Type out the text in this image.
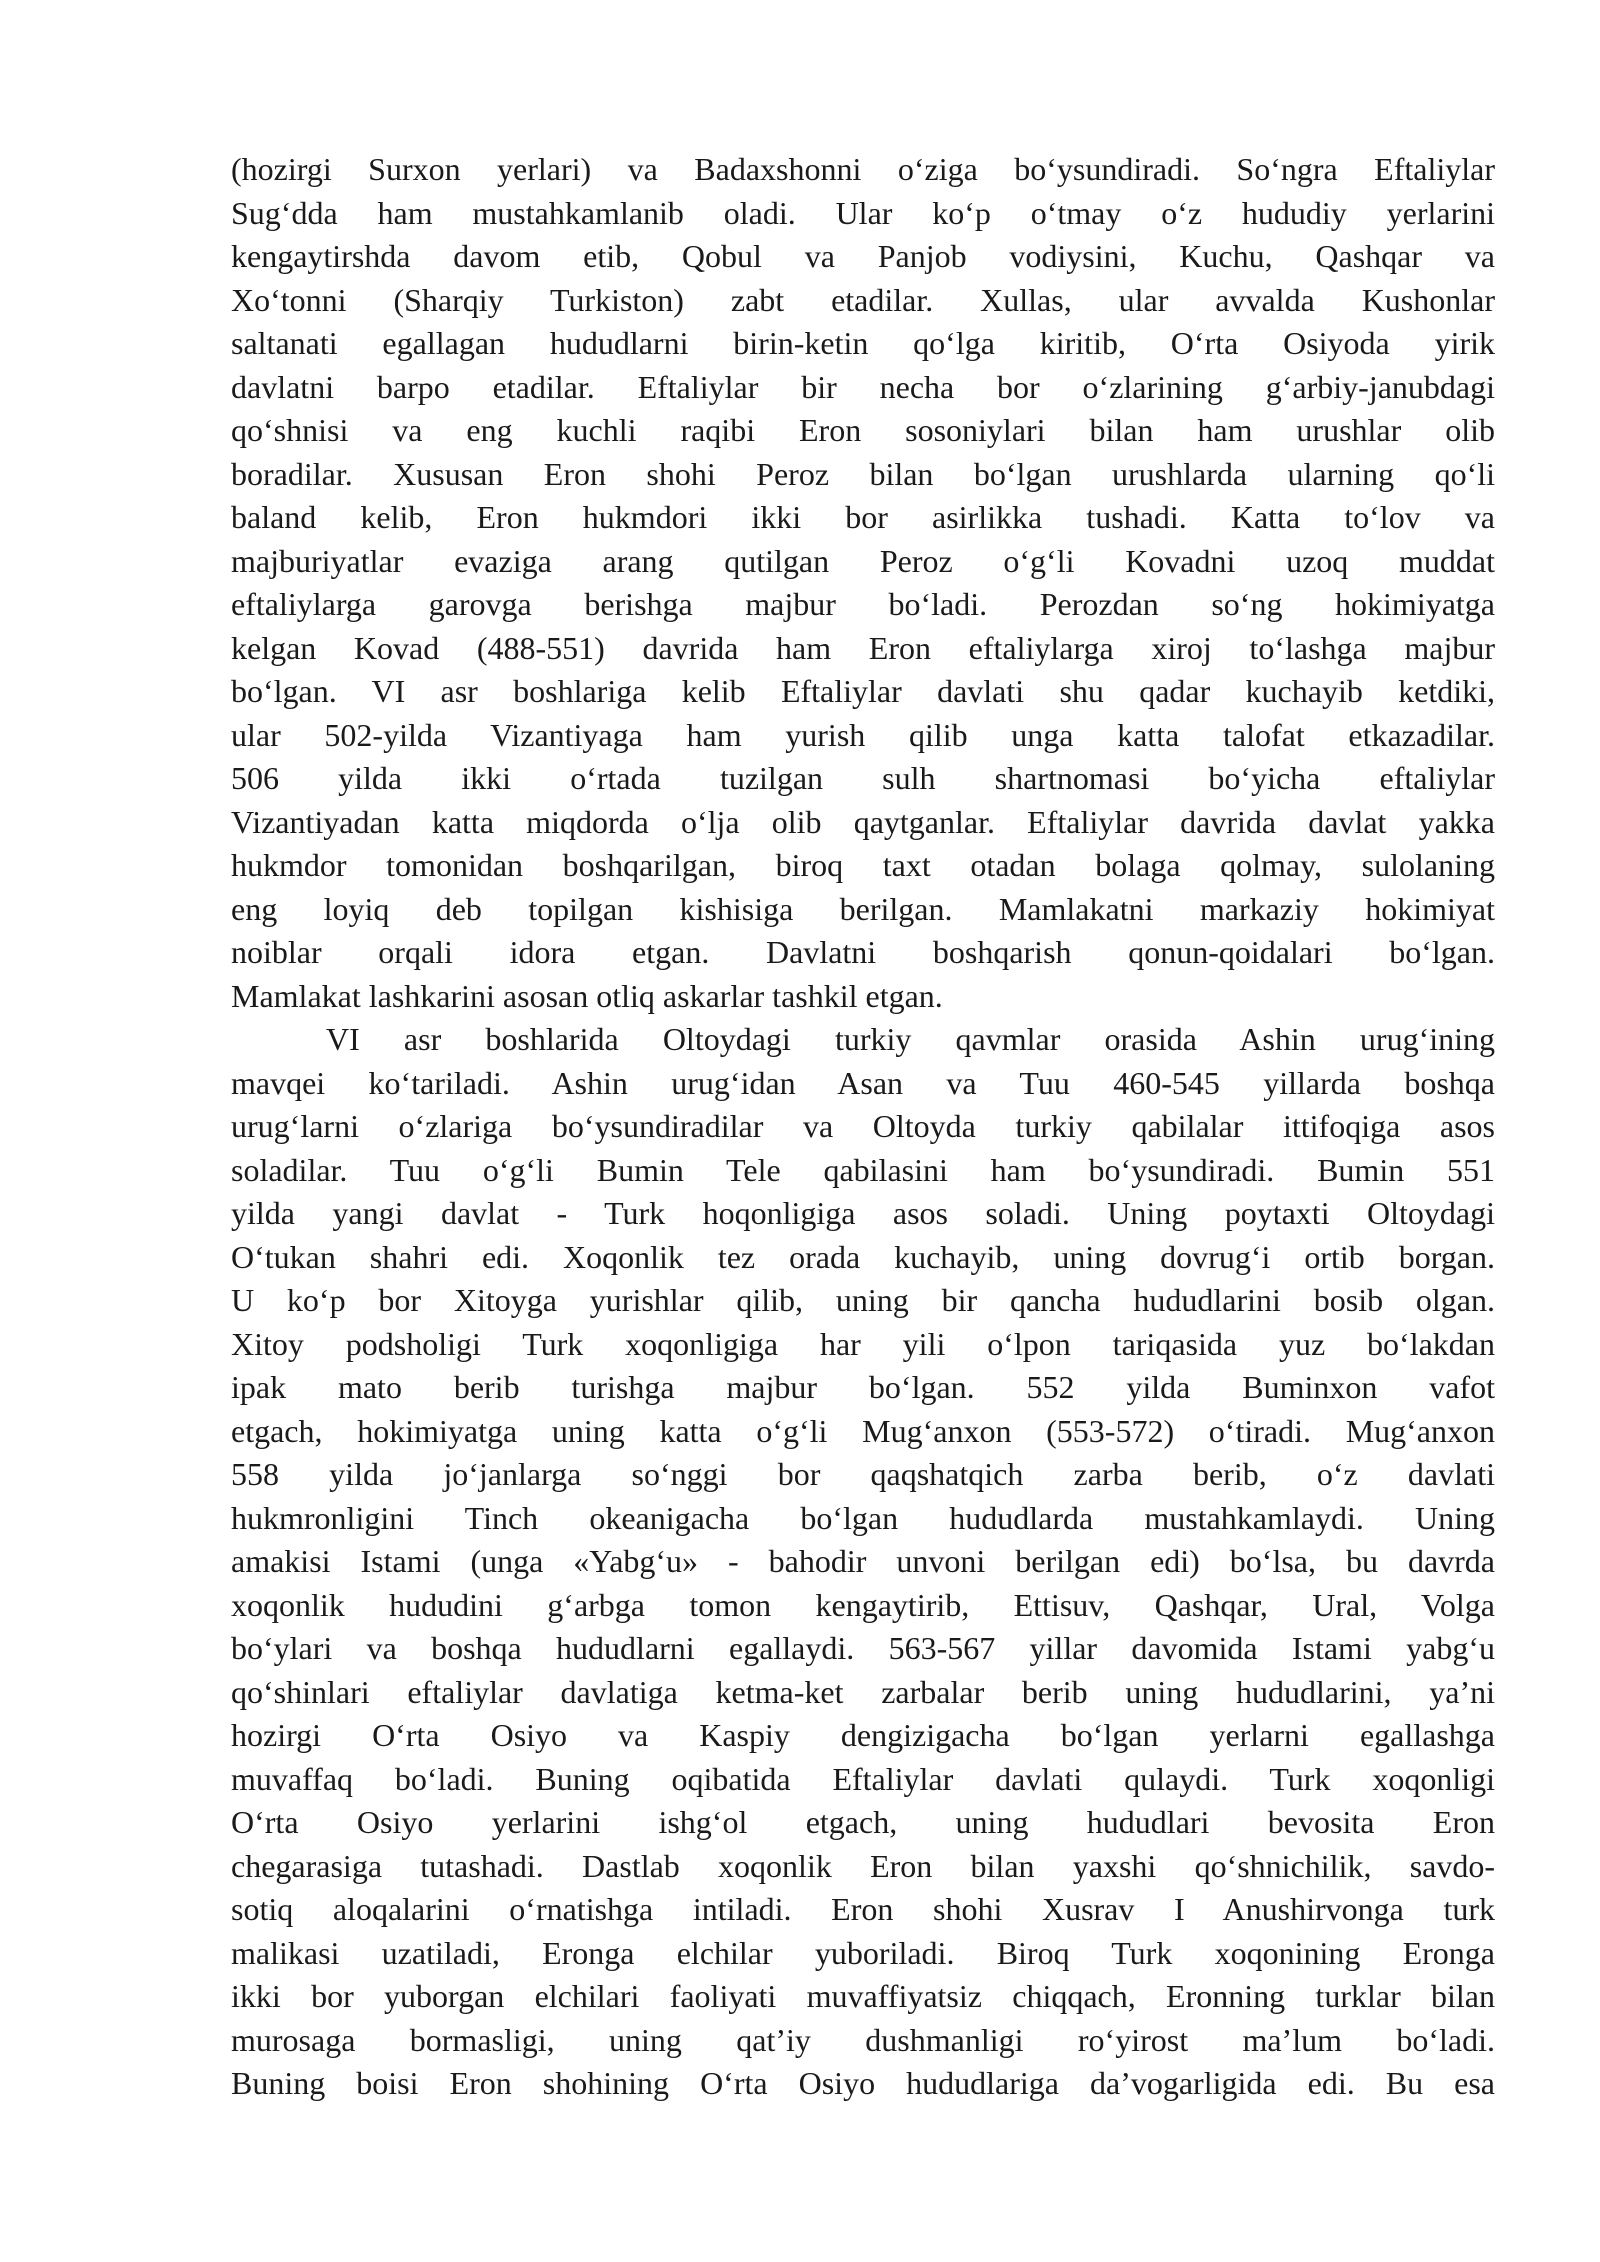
(hozirgi Surxon yerlari) va Badaxshonni o‘ziga bo‘ysundiradi. So‘ngra Eftaliylar
Sug‘dda ham mustahkamlanib oladi. Ular ko‘p o‘tmay o‘z hududiy yerlarini
kengaytirshda davom etib, Qobul va Panjob vodiysini, Kuchu, Qashqar va
Xo‘tonni (Sharqiy Turkiston) zabt etadilar. Xullas, ular avvalda Kushonlar
saltanati egallagan hududlarni birin-ketin qo‘lga kiritib, O‘rta Osiyoda yirik
davlatni barpo etadilar. Eftaliylar bir necha bor o‘zlarining g‘arbiy-janubdagi
qo‘shnisi va eng kuchli raqibi Eron sosoniylari bilan ham urushlar olib
boradilar. Xususan Eron shohi Peroz bilan bo‘lgan urushlarda ularning qo‘li
baland kelib, Eron hukmdori ikki bor asirlikka tushadi. Katta to‘lov va
majburiyatlar evaziga arang qutilgan Peroz o‘g‘li Kovadni uzoq muddat
eftaliylarga garovga berishga majbur bo‘ladi. Perozdan so‘ng hokimiyatga
kelgan Kovad (488-551) davrida ham Eron eftaliylarga xiroj to‘lashga majbur
bo‘lgan. VI asr boshlariga kelib Eftaliylar davlati shu qadar kuchayib ketdiki,
ular 502-yilda Vizantiyaga ham yurish qilib unga katta talofat etkazadilar.
506 yilda ikki o‘rtada tuzilgan sulh shartnomasi bo‘yicha eftaliylar
Vizantiyadan katta miqdorda o‘lja olib qaytganlar. Eftaliylar davrida davlat yakka
hukmdor tomonidan boshqarilgan, biroq taxt otadan bolaga qolmay, sulolaning
eng loyiq deb topilgan kishisiga berilgan. Mamlakatni markaziy hokimiyat
noiblar orqali idora etgan. Davlatni boshqarish qonun-qoidalari bo‘lgan.
Mamlakat lashkarini asosan otliq askarlar tashkil etgan.
VI asr boshlarida Oltoydagi turkiy qavmlar orasida Ashin urug‘ining
mavqei ko‘tariladi. Ashin urug‘idan Asan va Tuu 460-545 yillarda boshqa
urug‘larni o‘zlariga bo‘ysundiradilar va Oltoyda turkiy qabilalar ittifoqiga asos
soladilar. Tuu o‘g‘li Bumin Tele qabilasini ham bo‘ysundiradi. Bumin 551
yilda yangi davlat - Turk hoqonligiga asos soladi. Uning poytaxti Oltoydagi
O‘tukan shahri edi. Xoqonlik tez orada kuchayib, uning dovrug‘i ortib borgan.
U ko‘p bor Xitoyga yurishlar qilib, uning bir qancha hududlarini bosib olgan.
Xitoy podsholigi Turk xoqonligiga har yili o‘lpon tariqasida yuz bo‘lakdan
ipak mato berib turishga majbur bo‘lgan. 552 yilda Buminxon vafot
etgach, hokimiyatga uning katta o‘g‘li Mug‘anxon (553-572) o‘tiradi. Mug‘anxon
558 yilda jo‘janlarga so‘nggi bor qaqshatqich zarba berib, o‘z davlati
hukmronligini Tinch okeanigacha bo‘lgan hududlarda mustahkamlaydi. Uning
amakisi Istami (unga «Yabg‘u» - bahodir unvoni berilgan edi) bo‘lsa, bu davrda
xoqonlik hududini g‘arbga tomon kengaytirib, Ettisuv, Qashqar, Ural, Volga
bo‘ylari va boshqa hududlarni egallaydi. 563-567 yillar davomida Istami yabg‘u
qo‘shinlari eftaliylar davlatiga ketma-ket zarbalar berib uning hududlarini, ya’ni
hozirgi O‘rta Osiyo va Kaspiy dengizigacha bo‘lgan yerlarni egallashga
muvaffaq bo‘ladi. Buning oqibatida Eftaliylar davlati qulaydi. Turk xoqonligi
O‘rta Osiyo yerlarini ishg‘ol etgach, uning hududlari bevosita Eron
chegarasiga tutashadi. Dastlab xoqonlik Eron bilan yaxshi qo‘shnichilik, savdo-
sotiq aloqalarini o‘rnatishga intiladi. Eron shohi Xusrav I Anushirvonga turk
malikasi uzatiladi, Eronga elchilar yuboriladi. Biroq Turk xoqonining Eronga
ikki bor yuborgan elchilari faoliyati muvaffiyatsiz chiqqach, Eronning turklar bilan
murosaga bormasligi, uning qat’iy dushmanligi ro‘yirost ma’lum bo‘ladi.
Buning boisi Eron shohining O‘rta Osiyo hududlariga da’vogarligida edi. Bu esa
